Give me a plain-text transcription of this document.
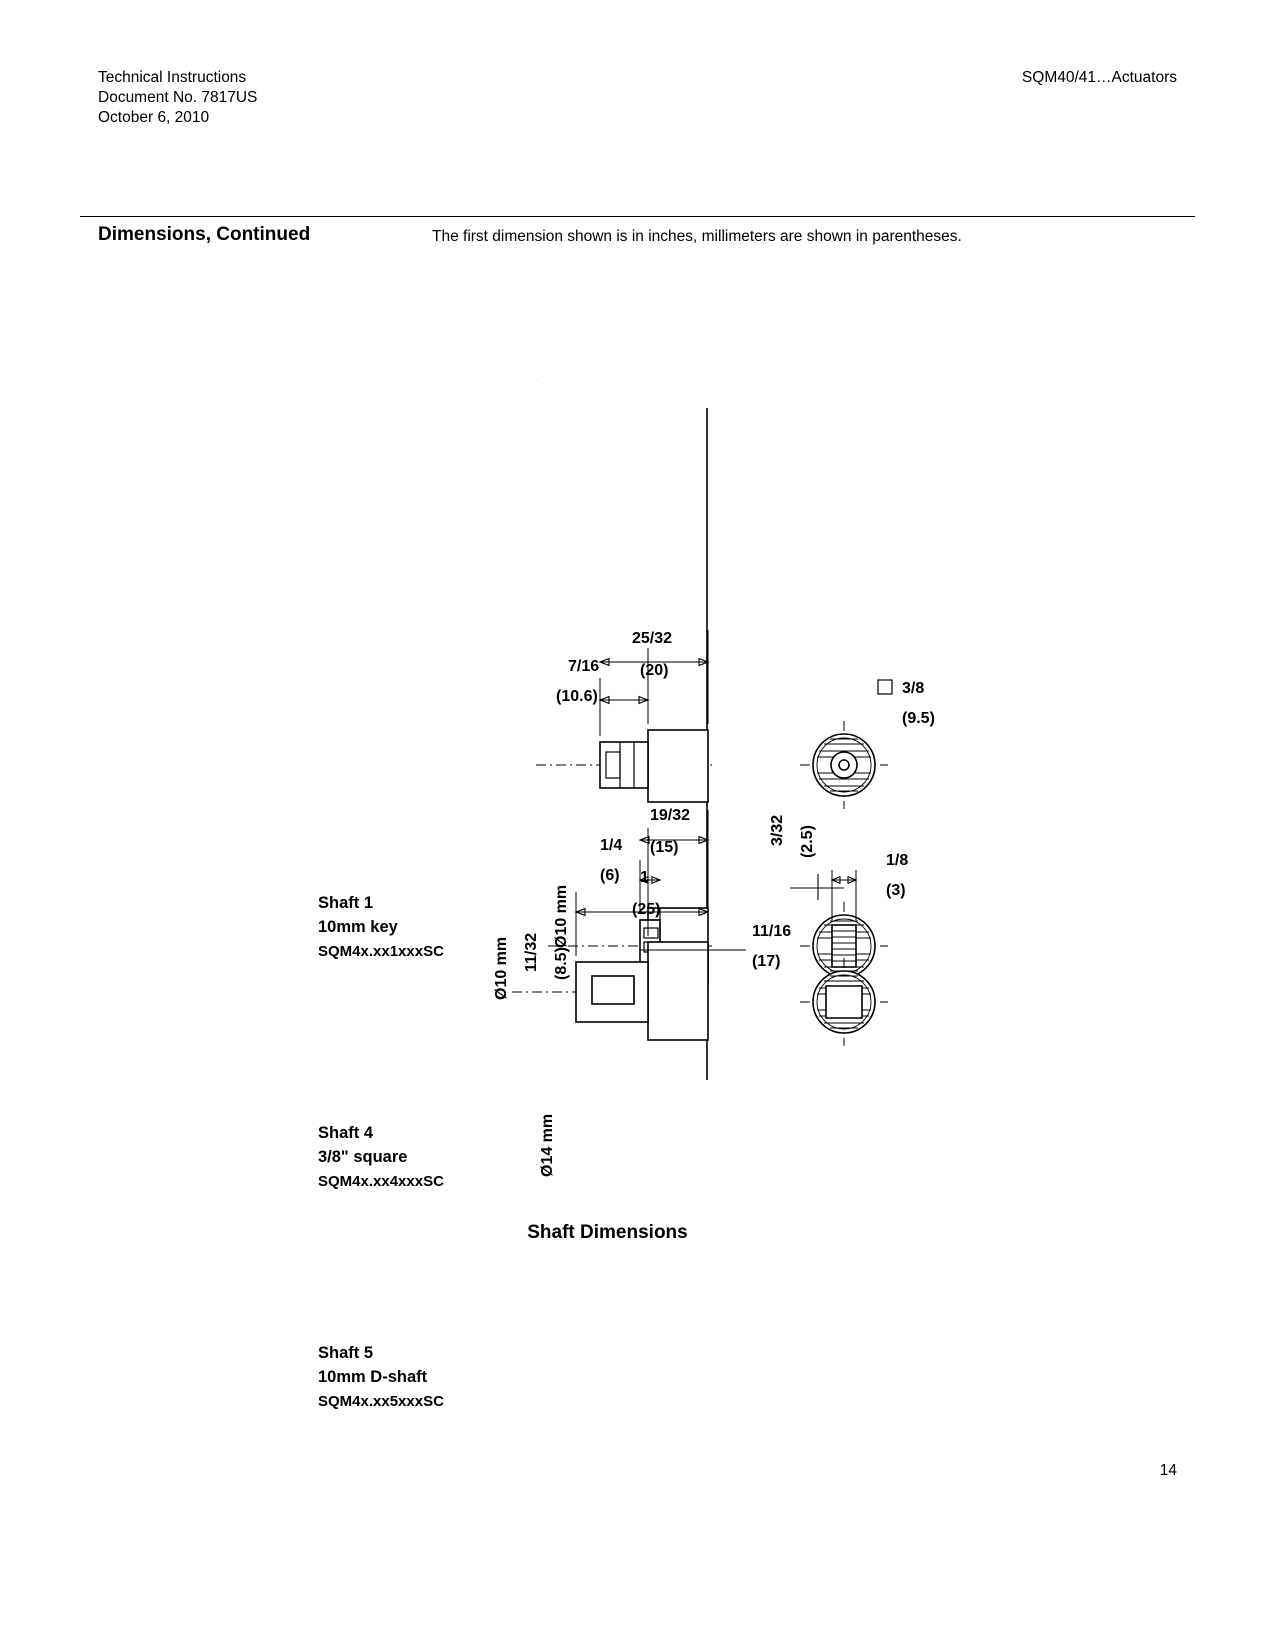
Technical Instructions
Document No. 7817US
October 6, 2010
SQM40/41…Actuators
Dimensions, Continued	The first dimension shown is in inches, millimeters are shown in parentheses.
Shaft 1
10mm key
SQM4x.xx1xxxSC
Ø10 mm
19/32
(15)
1/4
(6)
1/8
(3)
3/32 (2.5)
Shaft 4
3/8" square
SQM4x.xx4xxxSC
Ø14 mm
25/32
(20)
7/16
(10.6)	3/8
(9.5)
Shaft 5
10mm D-shaft
SQM4x.xx5xxxSC
Ø10 mm 11/32 (8.5)
1
(25)
11/16
(17)
Shaft Dimensions
14
